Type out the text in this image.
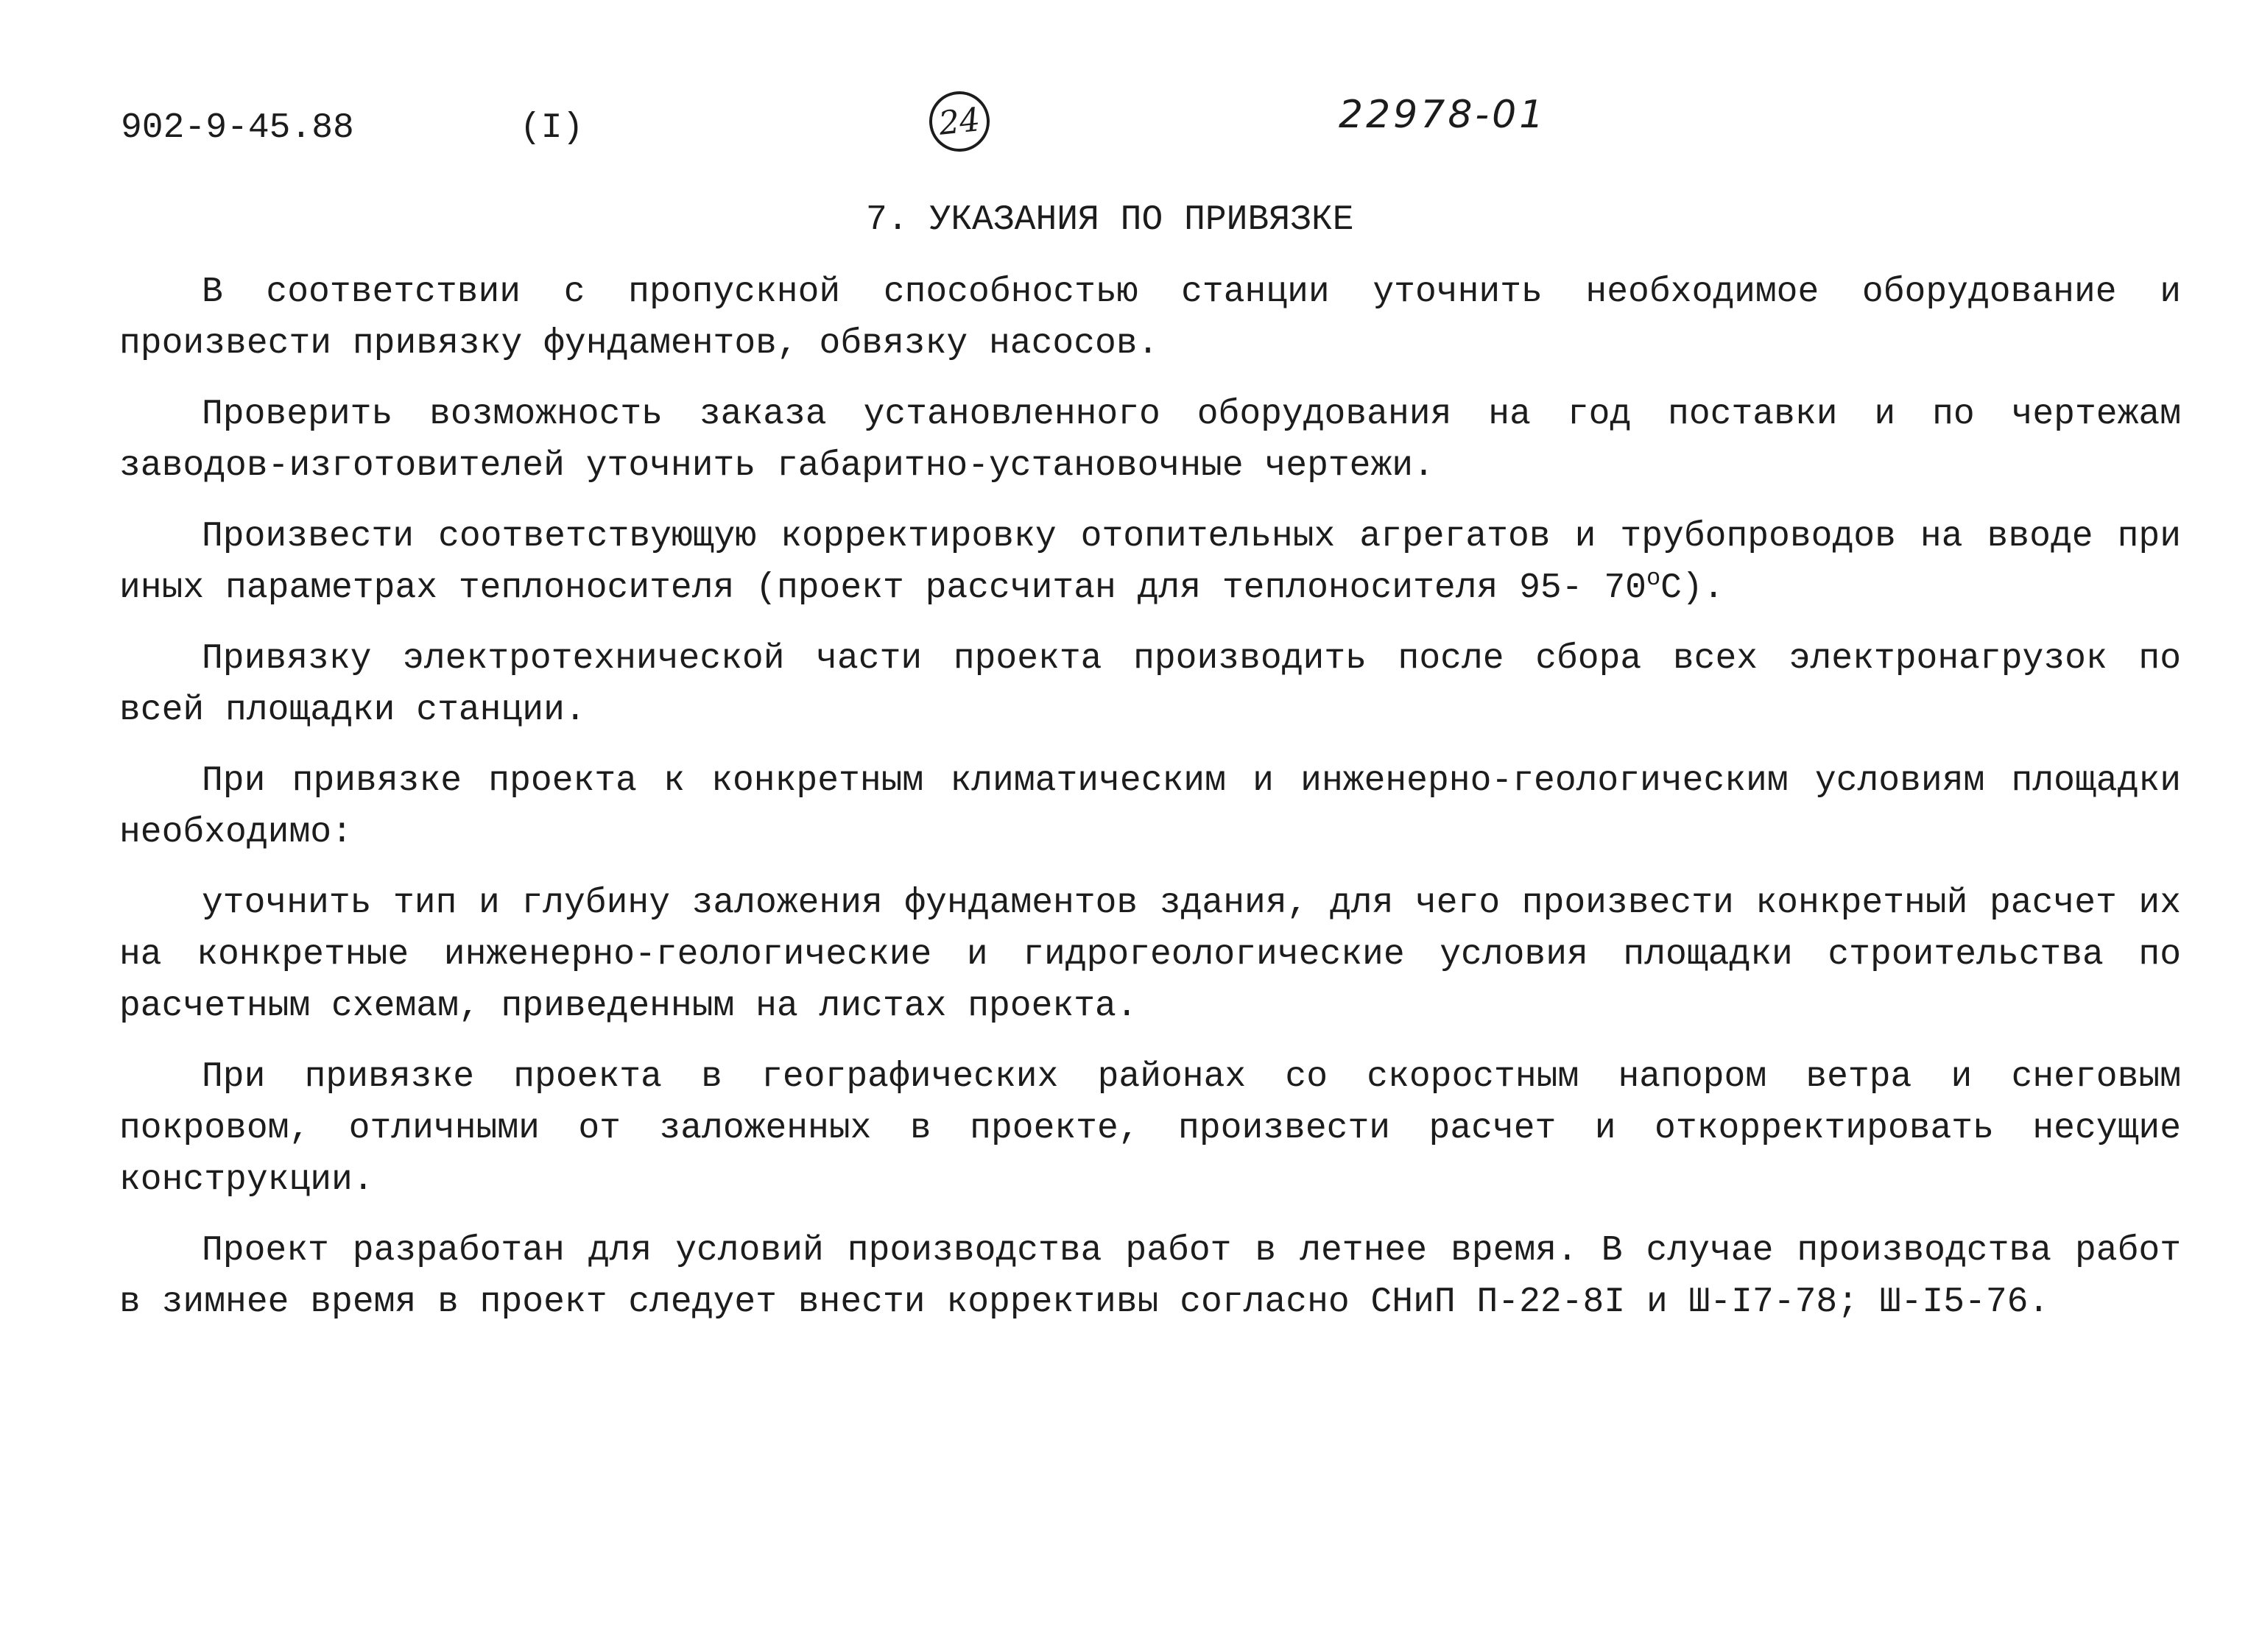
902-9-45.88	(I)	24	22978-01
7. УКАЗАНИЯ ПО ПРИВЯЗКЕ

В соответствии с пропускной способностью станции уточнить необходимое оборудование и произвести привязку фундаментов, обвязку насосов.

Проверить возможность заказа установленного оборудования на год поставки и по чертежам заводов-изготовителей уточнить габаритно-установочные чертежи.

Произвести соответствующую корректировку отопительных агрегатов и трубопроводов на вводе при иных параметрах теплоносителя (проект рассчитан для теплоносителя 95- 70$^o$С).

Привязку электротехнической части проекта производить после сбора всех электронагрузок по всей площадки станции.

При привязке проекта к конкретным климатическим и инженерно-геологическим условиям площадки необходимо:

уточнить тип и глубину заложения фундаментов здания, для чего произвести конкретный расчет их на конкретные инженерно-геологические и гидрогеологические условия площадки строительства по расчетным схемам, приведенным на листах проекта.

При привязке проекта в географических районах со скоростным напором ветра и снеговым покровом, отличными от заложенных в проекте, произвести расчет и откорректировать несущие конструкции.

Проект разработан для условий производства работ в летнее время. В случае производства работ в зимнее время в проект следует внести коррективы согласно СНиП П-22-8I и Ш-I7-78; Ш-I5-76.
